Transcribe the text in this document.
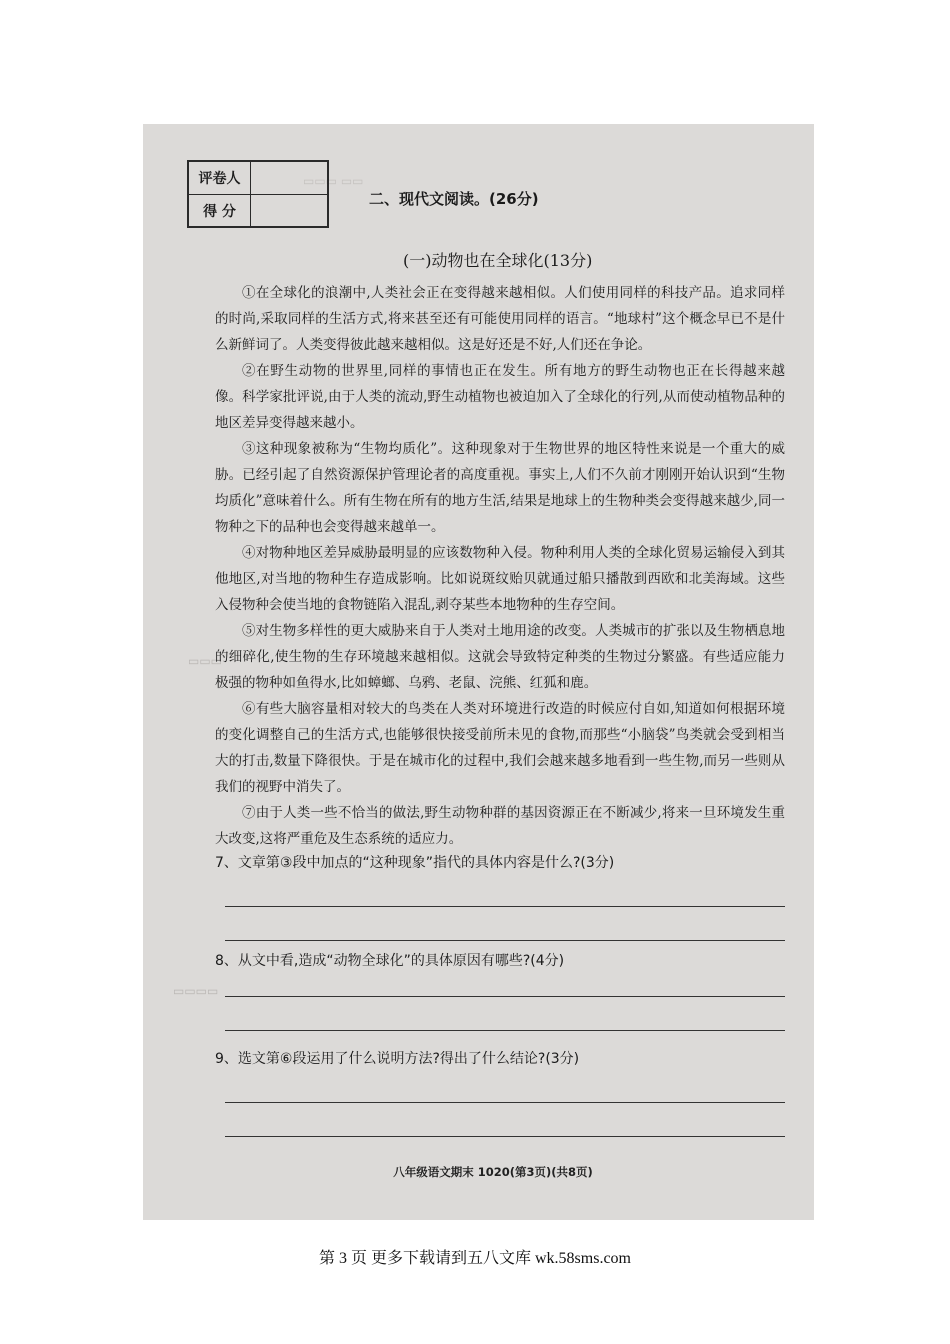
▭▭▭ ▭▭
▭▭▭
▭▭▭▭
评卷人
得 分
二、现代文阅读。(26分)
(一)动物也在全球化(13分)

①在全球化的浪潮中,人类社会正在变得越来越相似。人们使用同样的科技产品。追求同样的时尚,采取同样的生活方式,将来甚至还有可能使用同样的语言。“地球村”这个概念早已不是什么新鲜词了。人类变得彼此越来越相似。这是好还是不好,人们还在争论。

②在野生动物的世界里,同样的事情也正在发生。所有地方的野生动物也正在长得越来越像。科学家批评说,由于人类的流动,野生动植物也被迫加入了全球化的行列,从而使动植物品种的地区差异变得越来越小。

③这种现象被称为“生物均质化”。这种现象对于生物世界的地区特性来说是一个重大的威胁。已经引起了自然资源保护管理论者的高度重视。事实上,人们不久前才刚刚开始认识到“生物均质化”意味着什么。所有生物在所有的地方生活,结果是地球上的生物种类会变得越来越少,同一物种之下的品种也会变得越来越单一。

④对物种地区差异威胁最明显的应该数物种入侵。物种利用人类的全球化贸易运输侵入到其他地区,对当地的物种生存造成影响。比如说斑纹贻贝就通过船只播散到西欧和北美海域。这些入侵物种会使当地的食物链陷入混乱,剥夺某些本地物种的生存空间。

⑤对生物多样性的更大威胁来自于人类对土地用途的改变。人类城市的扩张以及生物栖息地的细碎化,使生物的生存环境越来越相似。这就会导致特定种类的生物过分繁盛。有些适应能力极强的物种如鱼得水,比如蟑螂、乌鸦、老鼠、浣熊、红狐和鹿。

⑥有些大脑容量相对较大的鸟类在人类对环境进行改造的时候应付自如,知道如何根据环境的变化调整自己的生活方式,也能够很快接受前所未见的食物,而那些“小脑袋”鸟类就会受到相当大的打击,数量下降很快。于是在城市化的过程中,我们会越来越多地看到一些生物,而另一些则从我们的视野中消失了。

⑦由于人类一些不恰当的做法,野生动物种群的基因资源正在不断减少,将来一旦环境发生重大改变,这将严重危及生态系统的适应力。

7、文章第③段中加点的“这种现象”指代的具体内容是什么?(3分)

8、从文中看,造成“动物全球化”的具体原因有哪些?(4分)

9、选文第⑥段运用了什么说明方法?得出了什么结论?(3分)

八年级语文期末 1020(第3页)(共8页)
第 3 页 更多下载请到五八文库 wk.58sms.com
